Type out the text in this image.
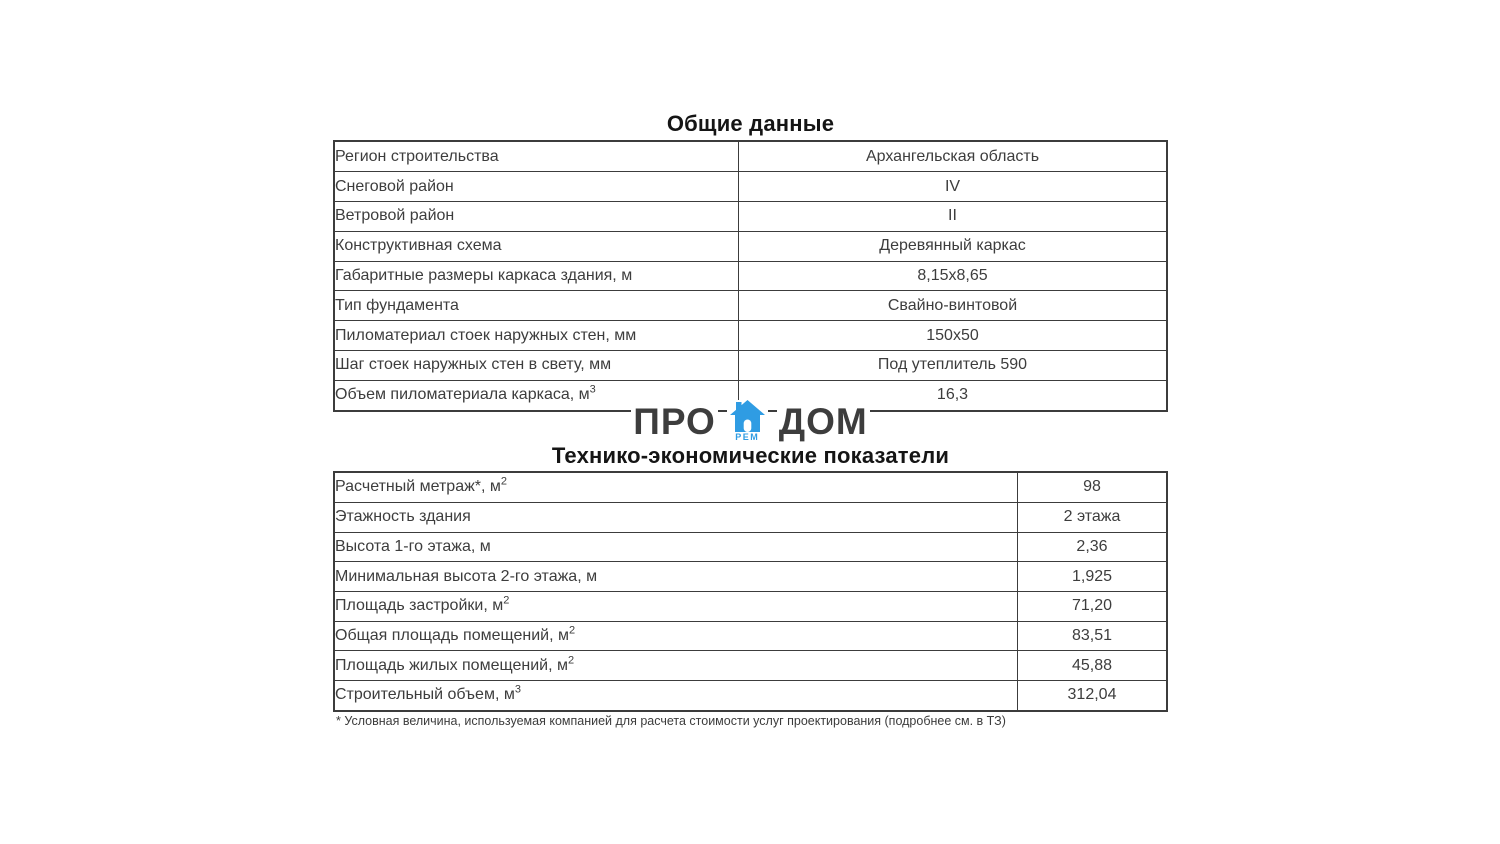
Общие данные
Регион строительства	Архангельская область
Снеговой район	IV
Ветровой район	II
Конструктивная схема	Деревянный каркас
Габаритные размеры каркаса здания, м	8,15х8,65
Тип фундамента	Свайно-винтовой
Пиломатериал стоек наружных стен, мм	150х50
Шаг стоек наружных стен в свету, мм	Под утеплитель 590
Объем пиломатериала каркаса, $м^3$	16,3
ПРО РЕМ ДОМ
Технико-экономические показатели
Расчетный метраж*, $м^2$	98
Этажность здания	2 этажа
Высота 1-го этажа, м	2,36
Минимальная высота 2-го этажа, м	1,925
Площадь застройки, $м^2$	71,20
Общая площадь помещений, $м^2$	83,51
Площадь жилых помещений, $м^2$	45,88
Строительный объем, $м^3$	312,04
* Условная величина, используемая компанией для расчета стоимости услуг проектирования (подробнее см. в ТЗ)
